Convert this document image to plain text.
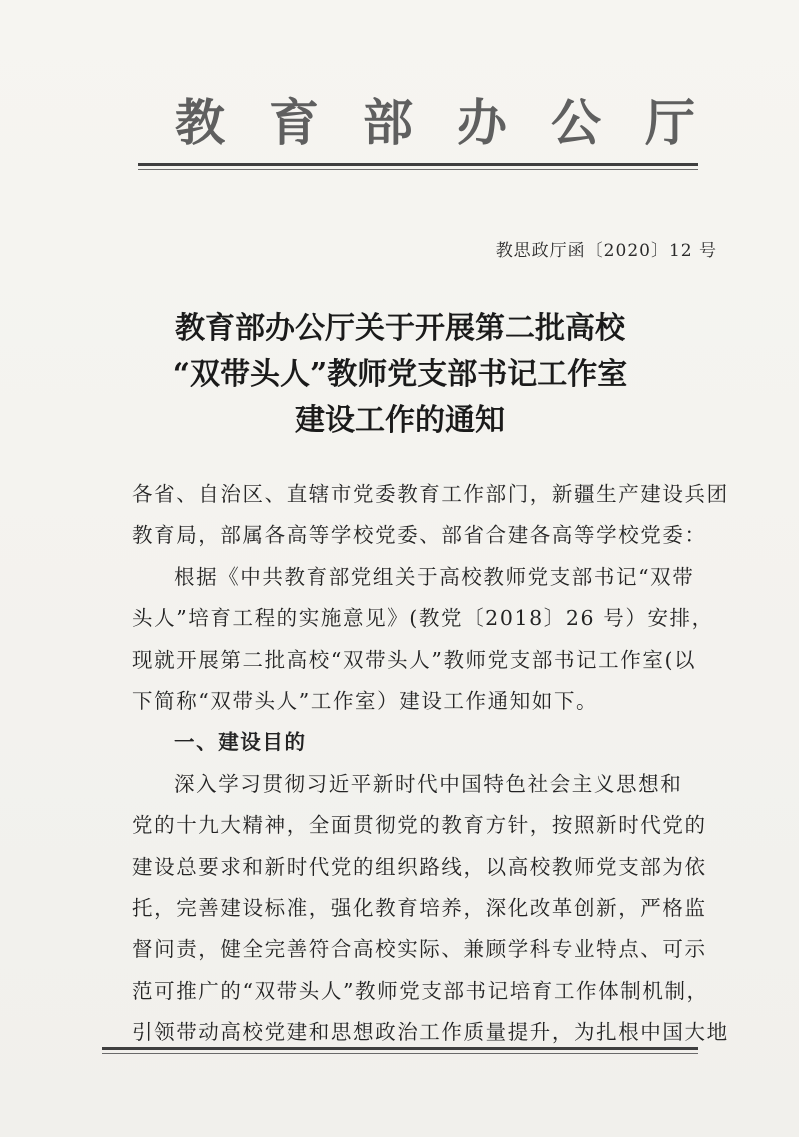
教 育 部 办 公 厅
教思政厅函〔2020〕12 号
教育部办公厅关于开展第二批高校
“双带头人”教师党支部书记工作室
建设工作的通知

各省、自治区、直辖市党委教育工作部门，新疆生产建设兵团

教育局，部属各高等学校党委、部省合建各高等学校党委：

根据《中共教育部党组关于高校教师党支部书记“双带

头人”培育工程的实施意见》(教党〔2018〕26 号）安排，

现就开展第二批高校“双带头人”教师党支部书记工作室(以

下简称“双带头人”工作室）建设工作通知如下。

一、建设目的

深入学习贯彻习近平新时代中国特色社会主义思想和

党的十九大精神，全面贯彻党的教育方针，按照新时代党的

建设总要求和新时代党的组织路线，以高校教师党支部为依

托，完善建设标准，强化教育培养，深化改革创新，严格监

督问责，健全完善符合高校实际、兼顾学科专业特点、可示

范可推广的“双带头人”教师党支部书记培育工作体制机制，

引领带动高校党建和思想政治工作质量提升，为扎根中国大地
